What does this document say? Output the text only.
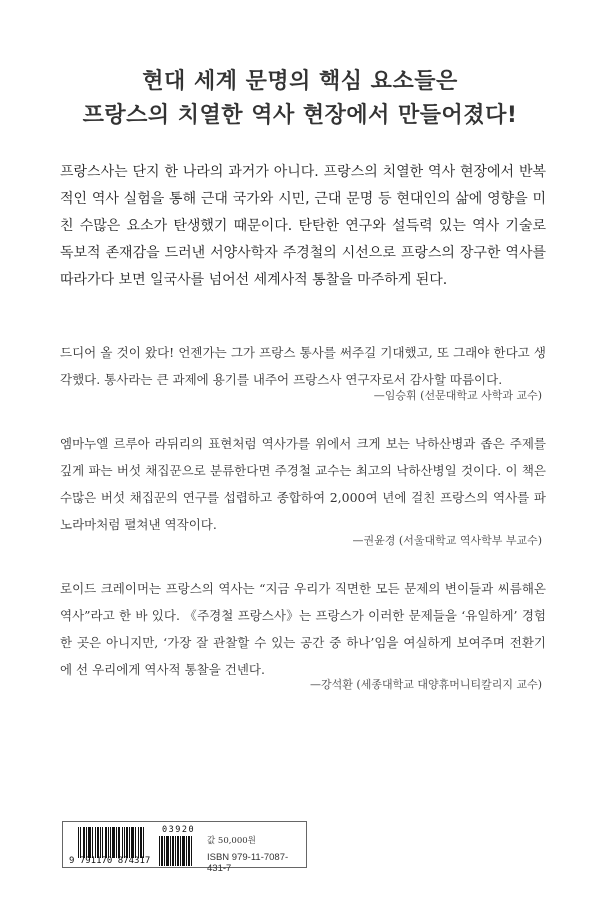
현대 세계 문명의 핵심 요소들은
프랑스의 치열한 역사 현장에서 만들어졌다!
프랑스사는 단지 한 나라의 과거가 아니다. 프랑스의 치열한 역사 현장에서 반복적인 역사 실험을 통해 근대 국가와 시민, 근대 문명 등 현대인의 삶에 영향을 미친 수많은 요소가 탄생했기 때문이다. 탄탄한 연구와 설득력 있는 역사 기술로 독보적 존재감을 드러낸 서양사학자 주경철의 시선으로 프랑스의 장구한 역사를 따라가다 보면 일국사를 넘어선 세계사적 통찰을 마주하게 된다.
드디어 올 것이 왔다! 언젠가는 그가 프랑스 통사를 써주길 기대했고, 또 그래야 한다고 생각했다. 통사라는 큰 과제에 용기를 내주어 프랑스사 연구자로서 감사할 따름이다.
—임승휘 (선문대학교 사학과 교수)
엠마누엘 르루아 라뒤리의 표현처럼 역사가를 위에서 크게 보는 낙하산병과 좁은 주제를 깊게 파는 버섯 채집꾼으로 분류한다면 주경철 교수는 최고의 낙하산병일 것이다. 이 책은 수많은 버섯 채집꾼의 연구를 섭렵하고 종합하여 2,000여 년에 걸친 프랑스의 역사를 파노라마처럼 펼쳐낸 역작이다.
—권윤경 (서울대학교 역사학부 부교수)
로이드 크레이머는 프랑스의 역사는 “지금 우리가 직면한 모든 문제의 변이들과 씨름해온 역사”라고 한 바 있다. 《주경철 프랑스사》는 프랑스가 이러한 문제들을 ‘유일하게’ 경험한 곳은 아니지만, ‘가장 잘 관찰할 수 있는 공간 중 하나’임을 여실하게 보여주며 전환기에 선 우리에게 역사적 통찰을 건넨다.
—강석환 (세종대학교 대양휴머니티칼리지 교수)
9 791170 874317
03920
값 50,000원
ISBN 979-11-7087-431-7
